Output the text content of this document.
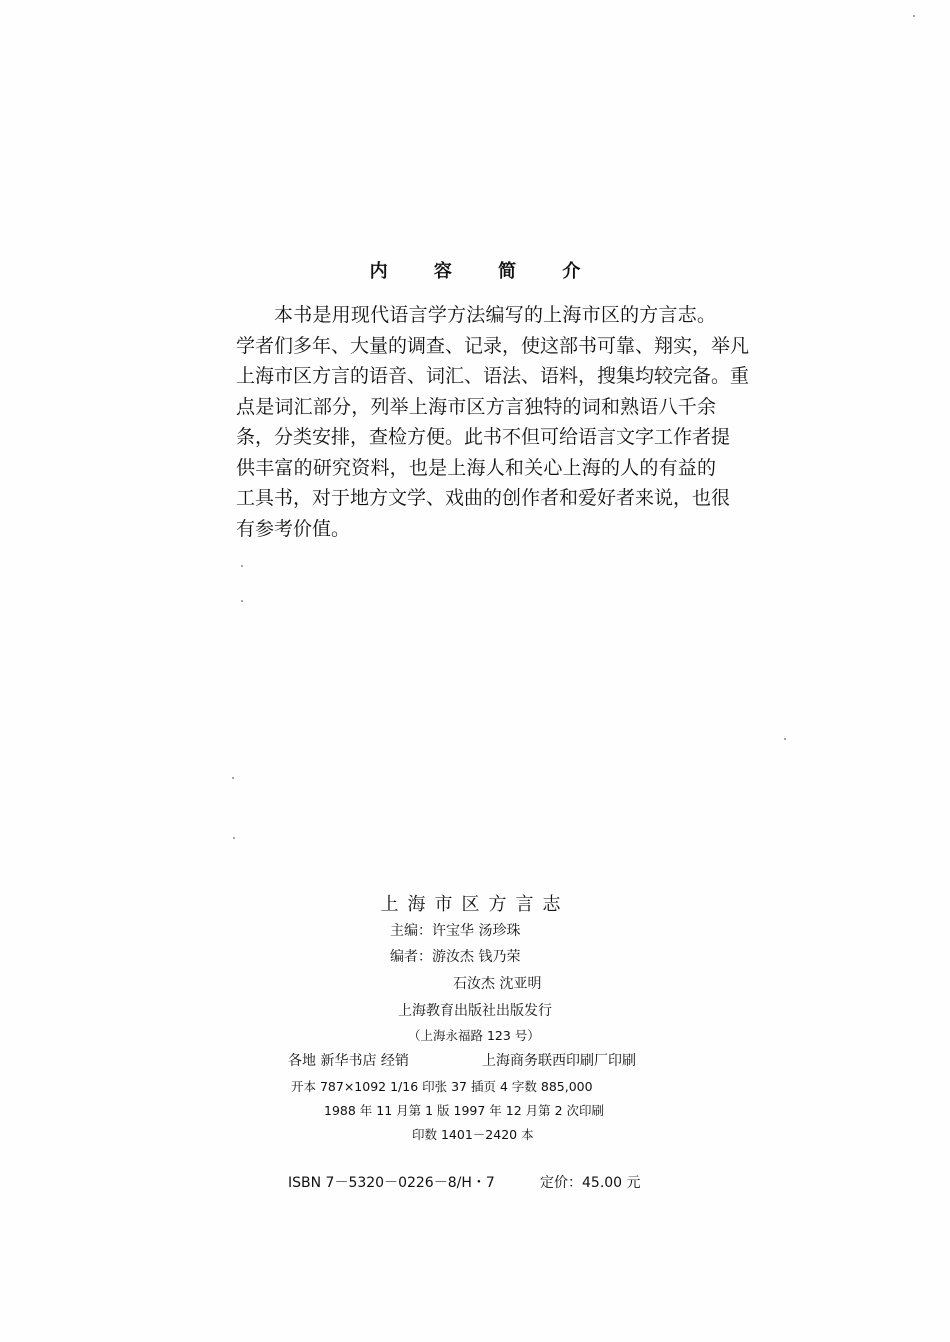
内 容 简 介
本书是用现代语言学方法编写的上海市区的方言志。
学者们多年、大量的调查、记录，使这部书可靠、翔实，举凡
上海市区方言的语音、词汇、语法、语料，搜集均较完备。重
点是词汇部分，列举上海市区方言独特的词和熟语八千余
条，分类安排，查检方便。此书不但可给语言文字工作者提
供丰富的研究资料，也是上海人和关心上海的人的有益的
工具书，对于地方文学、戏曲的创作者和爱好者来说，也很
有参考价值。
上海市区方言志
主编：许宝华 汤珍珠
编者：游汝杰 钱乃荣
石汝杰 沈亚明
上海教育出版社出版发行
（上海永福路 123 号）
各地 新华书店 经销	上海商务联西印刷厂印刷
开本 787×1092 1/16 印张 37 插页 4 字数 885,000
1988 年 11 月第 1 版 1997 年 12 月第 2 次印刷
印数 1401－2420 本
ISBN 7－5320－0226－8/H・7	定价：45.00 元
